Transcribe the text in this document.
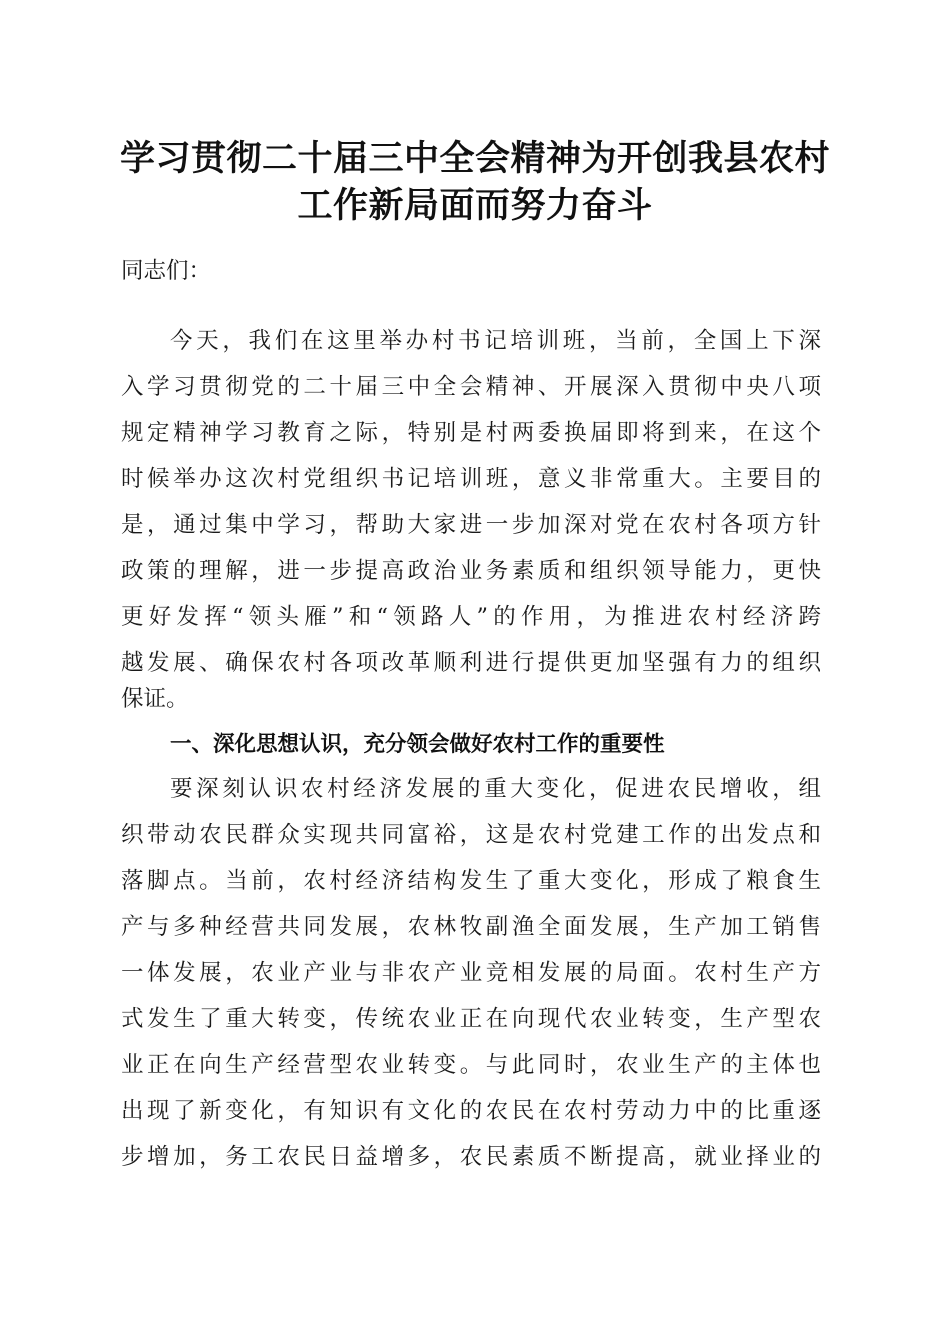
学习贯彻二十届三中全会精神为开创我县农村
工作新局面而努力奋斗
同志们：
今天，我们在这里举办村书记培训班，当前，全国上下深
入学习贯彻党的二十届三中全会精神、开展深入贯彻中央八项
规定精神学习教育之际，特别是村两委换届即将到来，在这个
时候举办这次村党组织书记培训班，意义非常重大。主要目的
是，通过集中学习，帮助大家进一步加深对党在农村各项方针
政策的理解，进一步提高政治业务素质和组织领导能力，更快
更好发挥“领头雁”和“领路人”的作用，为推进农村经济跨
越发展、确保农村各项改革顺利进行提供更加坚强有力的组织
保证。
一、深化思想认识，充分领会做好农村工作的重要性
要深刻认识农村经济发展的重大变化，促进农民增收，组
织带动农民群众实现共同富裕，这是农村党建工作的出发点和
落脚点。当前，农村经济结构发生了重大变化，形成了粮食生
产与多种经营共同发展，农林牧副渔全面发展，生产加工销售
一体发展，农业产业与非农产业竞相发展的局面。农村生产方
式发生了重大转变，传统农业正在向现代农业转变，生产型农
业正在向生产经营型农业转变。与此同时，农业生产的主体也
出现了新变化，有知识有文化的农民在农村劳动力中的比重逐
步增加，务工农民日益增多，农民素质不断提高，就业择业的
